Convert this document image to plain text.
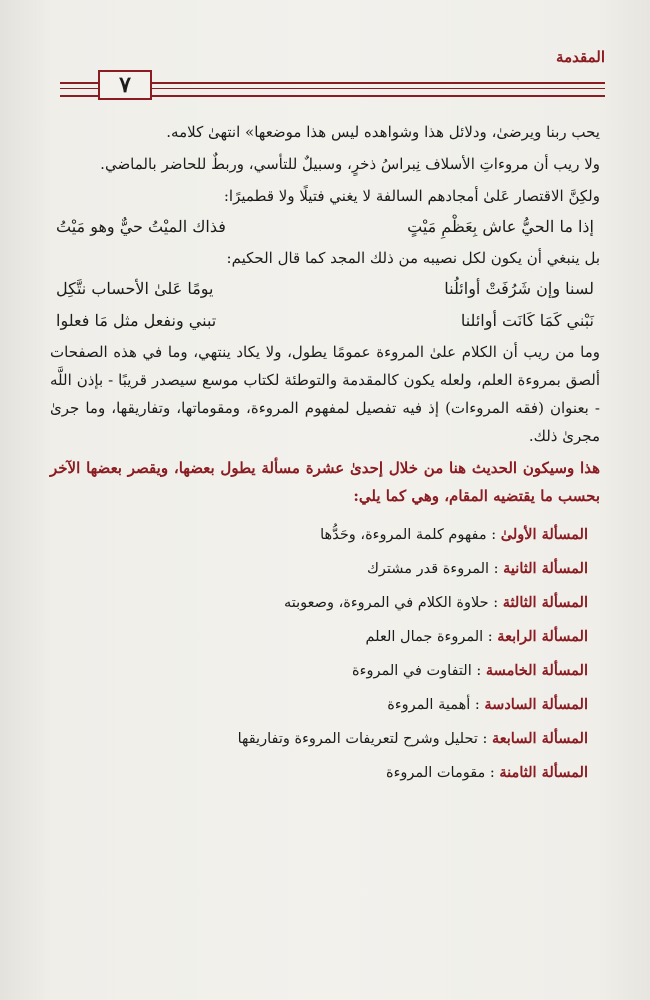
المقدمة
٧

يحب ربنا ويرضىٰ، ودلائل هذا وشواهده ليس هذا موضعها» انتهىٰ كلامه.

ولا ريب أن مروءاتِ الأسلاف نِبراسُ ذخرٍ، وسبيلٌ للتأسي، وربطٌ للحاضر بالماضي.

ولكِنَّ الاقتصار عَلىٰ أمجادهم السالفة لا يغني فتيلًا ولا قطميرًا:

إذا ما الحيُّ عاش بِعَظْمِ مَيْتٍ
فذاك الميْتُ حيٌّ وهو مَيْتُ

بل ينبغي أن يكون لكل نصيبه من ذلك المجد كما قال الحكيم:

لسنا وإن شَرُفَتْ أوائلُنا
يومًا عَلىٰ الأحساب نتَّكِل
نَبْني كَمَا كَانَت أوائلنا
تبني ونفعل مثل مَا فعلوا

وما من ريب أن الكلام علىٰ المروءة عمومًا يطول، ولا يكاد ينتهي، وما في هذه الصفحات ألصق بمروءة العلم، ولعله يكون كالمقدمة والتوطئة لكتاب موسع سيصدر قريبًا - بإذن اللَّه - بعنوان (فقه المروءات) إذ فيه تفصيل لمفهوم المروءة، ومقوماتها، وتفاريقها، وما جرىٰ مجرىٰ ذلك.

هذا وسيكون الحديث هنا من خلال إحدىٰ عشرة مسألة يطول بعضها، ويقصر بعضها الآخر بحسب ما يقتضيه المقام، وهي كما يلي:

المسألة الأولىٰ : مفهوم كلمة المروءة، وحَدُّها
المسألة الثانية : المروءة قدر مشترك
المسألة الثالثة : حلاوة الكلام في المروءة، وصعوبته
المسألة الرابعة : المروءة جمال العلم
المسألة الخامسة : التفاوت في المروءة
المسألة السادسة : أهمية المروءة
المسألة السابعة : تحليل وشرح لتعريفات المروءة وتفاريقها
المسألة الثامنة : مقومات المروءة
